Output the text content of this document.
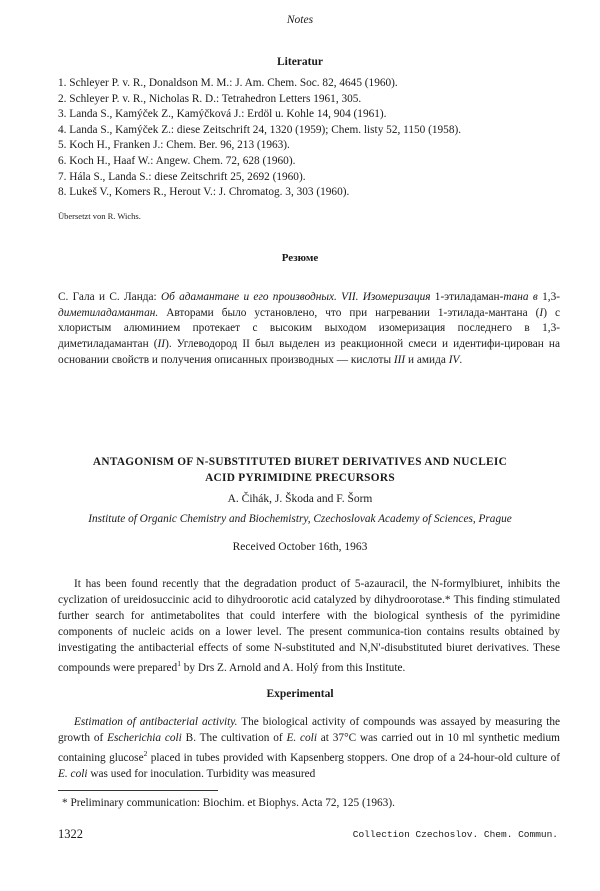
Notes
Literatur
1. Schleyer P. v. R., Donaldson M. M.: J. Am. Chem. Soc. 82, 4645 (1960).
2. Schleyer P. v. R., Nicholas R. D.: Tetrahedron Letters 1961, 305.
3. Landa S., Kamýček Z., Kamýčková J.: Erdöl u. Kohle 14, 904 (1961).
4. Landa S., Kamýček Z.: diese Zeitschrift 24, 1320 (1959); Chem. listy 52, 1150 (1958).
5. Koch H., Franken J.: Chem. Ber. 96, 213 (1963).
6. Koch H., Haaf W.: Angew. Chem. 72, 628 (1960).
7. Hála S., Landa S.: diese Zeitschrift 25, 2692 (1960).
8. Lukeš V., Komers R., Herout V.: J. Chromatog. 3, 303 (1960).
Übersetzt von R. Wichs.
Резюме

С. Гала и С. Ланда: Об адамантане и его производных. VII. Изомеризация 1-этиладаман-тана в 1,3-диметиладамантан. Авторами было установлено, что при нагревании 1-этилада-мантана (I) с хлористым алюминием протекает с высоким выходом изомеризация последнего в 1,3-диметиладамантан (II). Углеводород II был выделен из реакционной смеси и идентифи-цирован на основании свойств и получения описанных производных — кислоты III и амида IV.

ANTAGONISM OF N-SUBSTITUTED BIURET DERIVATIVES AND NUCLEIC
ACID PYRIMIDINE PRECURSORS
A. Čihák, J. Škoda and F. Šorm
Institute of Organic Chemistry and Biochemistry, Czechoslovak Academy of Sciences, Prague
Received October 16th, 1963

It has been found recently that the degradation product of 5-azauracil, the N-formylbiuret, inhibits the cyclization of ureidosuccinic acid to dihydroorotic acid catalyzed by dihydroorotase.* This finding stimulated further search for antimetabolites that could interfere with the biological synthesis of the pyrimidine components of nucleic acids on a lower level. The present communica-tion contains results obtained by investigating the antibacterial effects of some N-substituted and N,N'-disubstituted biuret derivatives. These compounds were prepared$^1$ by Drs Z. Arnold and A. Holý from this Institute.

Experimental

Estimation of antibacterial activity. The biological activity of compounds was assayed by measuring the growth of Escherichia coli B. The cultivation of E. coli at 37°C was carried out in 10 ml synthetic medium containing glucose$^2$ placed in tubes provided with Kapsenberg stoppers. One drop of a 24-hour-old culture of E. coli was used for inoculation. Turbidity was measured

* Preliminary communication: Biochim. et Biophys. Acta 72, 125 (1963).
1322	Collection Czechoslov. Chem. Commun.
